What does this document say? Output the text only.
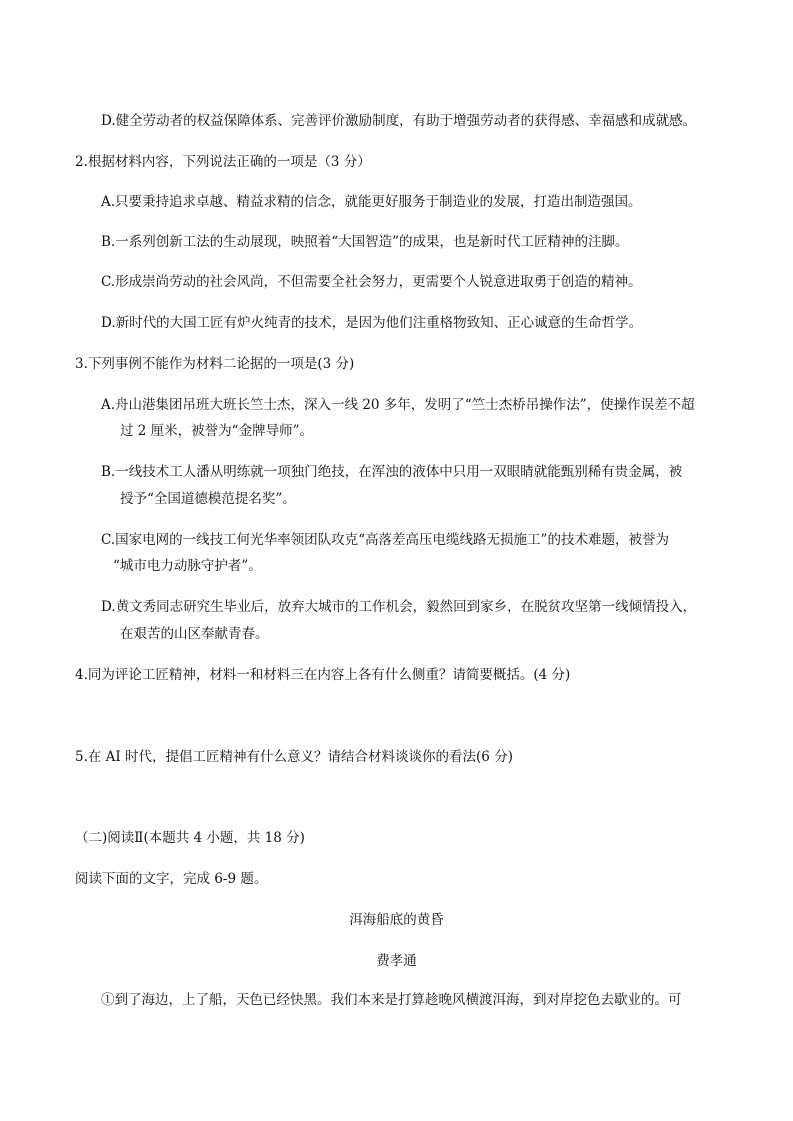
D.健全劳动者的权益保障体系、完善评价激励制度，有助于增强劳动者的获得感、幸福感和成就感。
2.根据材料内容，下列说法正确的一项是（3 分）
A.只要秉持追求卓越、精益求精的信念，就能更好服务于制造业的发展，打造出制造强国。
B.一系列创新工法的生动展现，映照着“大国智造”的成果，也是新时代工匠精神的注脚。
C.形成崇尚劳动的社会风尚，不但需要全社会努力，更需要个人锐意进取勇于创造的精神。
D.新时代的大国工匠有炉火纯青的技术，是因为他们注重格物致知、正心诚意的生命哲学。
3.下列事例不能作为材料二论据的一项是(3 分)
A.舟山港集团吊班大班长竺士杰，深入一线 20 多年，发明了“竺士杰桥吊操作法”，使操作误差不超
过 2 厘米，被誉为“金牌导师”。
B.一线技术工人潘从明练就一项独门绝技，在浑浊的液体中只用一双眼睛就能甄别稀有贵金属，被
授予“全国道德模范提名奖”。
C.国家电网的一线技工何光华率领团队攻克“高落差高压电缆线路无损施工”的技术难题，被誉为
“城市电力动脉守护者”。
D.黄文秀同志研究生毕业后，放弃大城市的工作机会，毅然回到家乡，在脱贫攻坚第一线倾情投入，
在艰苦的山区奉献青春。
4.同为评论工匠精神，材料一和材料三在内容上各有什么侧重？请简要概括。(4 分)
5.在 AI 时代，提倡工匠精神有什么意义？请结合材料谈谈你的看法(6 分)
（二)阅读Ⅱ(本题共 4 小题，共 18 分)
阅读下面的文字，完成 6-9 题。
洱海船底的黄昏
费孝通
①到了海边，上了船，天色已经快黑。我们本来是打算趁晚风横渡洱海，到对岸挖色去歇业的。可
